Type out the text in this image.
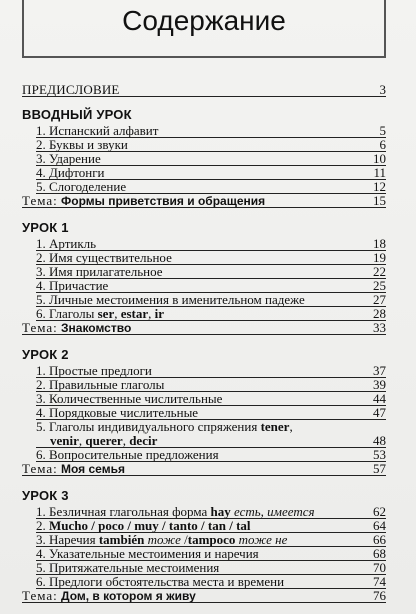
Содержание
ПРЕДИСЛОВИЕ	3
ВВОДНЫЙ УРОК
1. Испанский алфавит	5
2. Буквы и звуки	6
3. Ударение	10
4. Дифтонги	11
5. Слогоделение	12
Тема: Формы приветствия и обращения	15
УРОК 1
1. Артикль	18
2. Имя существительное	19
3. Имя прилагательное	22
4. Причастие	25
5. Личные местоимения в именительном падеже	27
6. Глаголы ser, estar, ir	28
Тема: Знакомство	33
УРОК 2
1. Простые предлоги	37
2. Правильные глаголы	39
3. Количественные числительные	44
4. Порядковые числительные	47
5. Глаголы индивидуального спряжения tener,
venir, querer, decir	48
6. Вопросительные предложения	53
Тема: Моя семья	57
УРОК 3
1. Безличная глагольная форма hay есть, имеется	62
2. Mucho / poco / muy / tanto / tan / tal	64
3. Наречия también тоже /tampoco тоже не	66
4. Указательные местоимения и наречия	68
5. Притяжательные местоимения	70
6. Предлоги обстоятельства места и времени	74
Тема: Дом, в котором я живу	76
